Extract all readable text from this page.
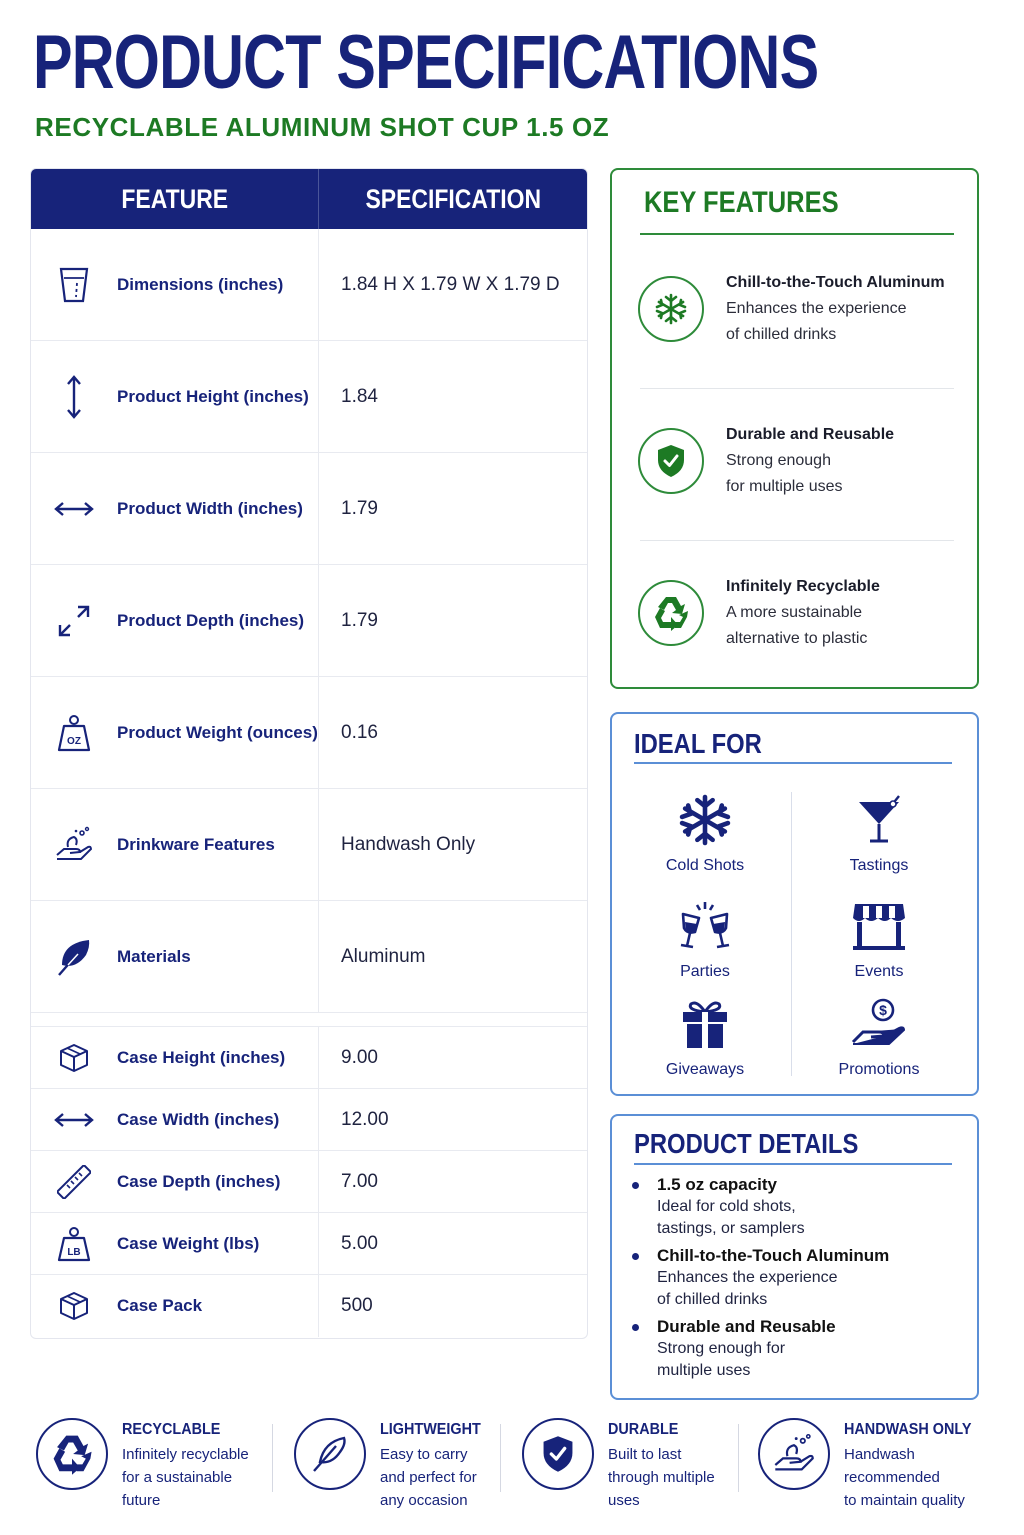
PRODUCT SPECIFICATIONS
RECYCLABLE ALUMINUM SHOT CUP 1.5 OZ
FEATURE	SPECIFICATION
Dimensions (inches)	1.84 H X 1.79 W X 1.79 D
Product Height (inches)	1.84
Product Width (inches)	1.79
Product Depth (inches)	1.79
OZ Product Weight (ounces)	0.16
Drinkware Features	Handwash Only
Materials	Aluminum
Case Height (inches)	9.00
Case Width (inches)	12.00
Case Depth (inches)	7.00
LB Case Weight (lbs)	5.00
Case Pack	500
KEY FEATURES
Chill-to-the-Touch Aluminum
Enhances the experience
of chilled drinks
Durable and Reusable
Strong enough
for multiple uses
Infinitely Recyclable
A more sustainable
alternative to plastic
IDEAL FOR
Cold Shots	Tastings
Parties	Events
Giveaways
$
Promotions
PRODUCT DETAILS
1.5 oz capacity
Ideal for cold shots,
tastings, or samplers
Chill-to-the-Touch Aluminum
Enhances the experience
of chilled drinks
Durable and Reusable
Strong enough for
multiple uses
RECYCLABLE
Infinitely recyclable
for a sustainable
future
LIGHTWEIGHT
Easy to carry
and perfect for
any occasion
DURABLE
Built to last
through multiple
uses
HANDWASH ONLY
Handwash
recommended
to maintain quality
